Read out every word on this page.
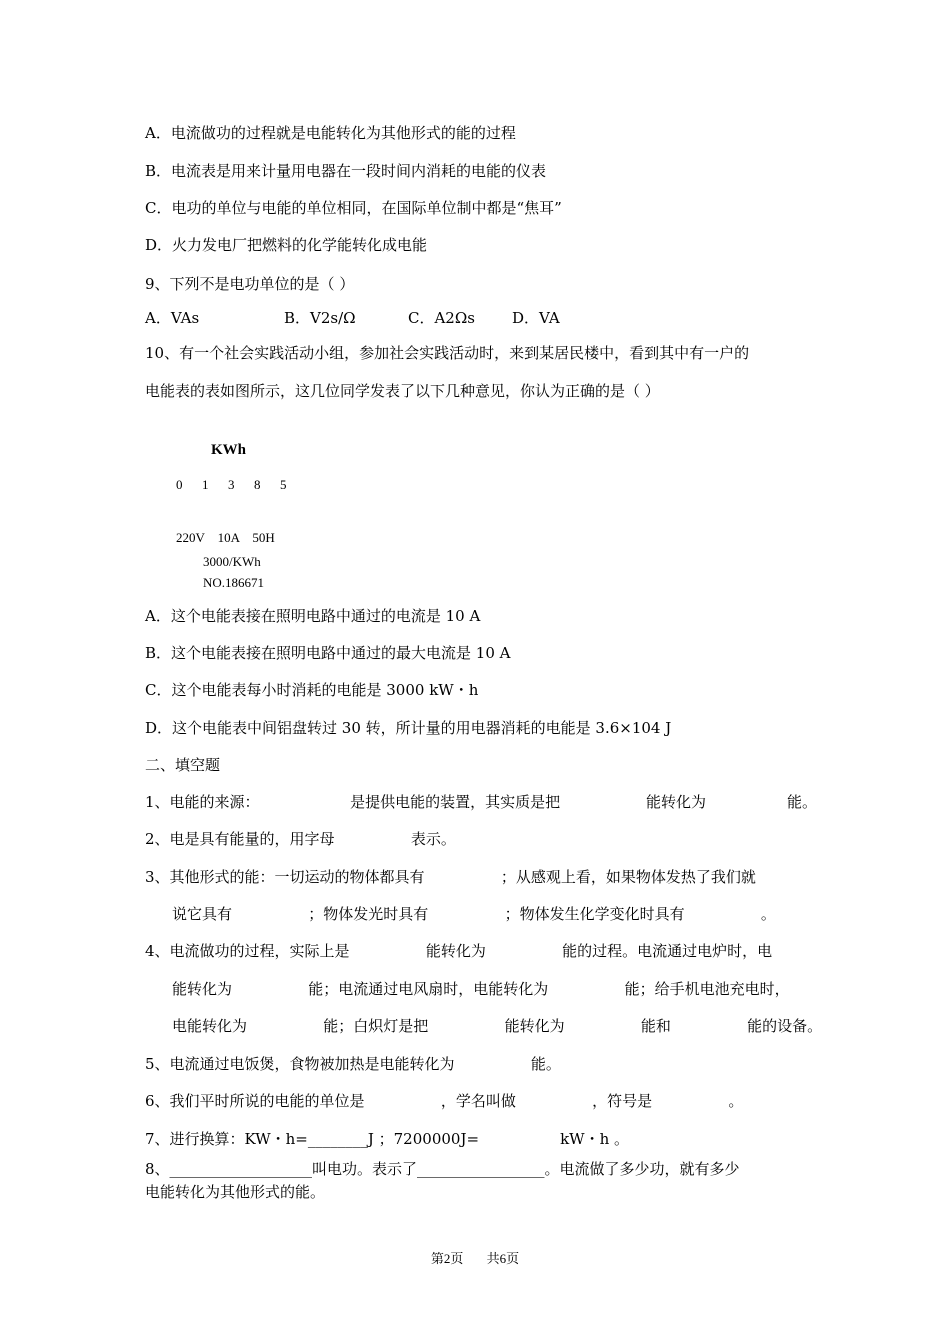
A．电流做功的过程就是电能转化为其他形式的能的过程
B．电流表是用来计量用电器在一段时间内消耗的电能的仪表
C．电功的单位与电能的单位相同，在国际单位制中都是“焦耳”
D．火力发电厂把燃料的化学能转化成电能
9、下列不是电功单位的是（ ）
A．VAs	B．V2s/Ω	C．A2Ωs D．VA
10、有一个社会实践活动小组，参加社会实践活动时，来到某居民楼中，看到其中有一户的
电能表的表如图所示，这几位同学发表了以下几种意见，你认为正确的是（ ）
KWh
0 1 3 8 5
220V    10A    50H
3000/KWh
NO.186671
A．这个电能表接在照明电路中通过的电流是 10 A
B．这个电能表接在照明电路中通过的最大电流是 10 A
C．这个电能表每小时消耗的电能是 3000 kW・h
D．这个电能表中间铝盘转过 30 转，所计量的用电器消耗的电能是 3.6×104 J
二、填空题
1、电能的来源：                   是提供电能的装置，其实质是把                  能转化为                 能。
2、电是具有能量的，用字母                表示。
3、其他形式的能：一切运动的物体都具有                ；从感观上看，如果物体发热了我们就
说它具有                ；物体发光时具有                ；物体发生化学变化时具有                。
4、电流做功的过程，实际上是                能转化为                能的过程。电流通过电炉时，电
能转化为                能；电流通过电风扇时，电能转化为                能；给手机电池充电时，
电能转化为                能；白炽灯是把                能转化为                能和                能的设备。
5、电流通过电饭煲，食物被加热是电能转化为                能。
6、我们平时所说的电能的单位是                ，学名叫做                ，符号是                。
7、进行换算：KW・h=________J ；7200000J=                 kW・h 。
8、___________________叫电功。表示了_________________。电流做了多少功，就有多少
电能转化为其他形式的能。
第2页 共6页
